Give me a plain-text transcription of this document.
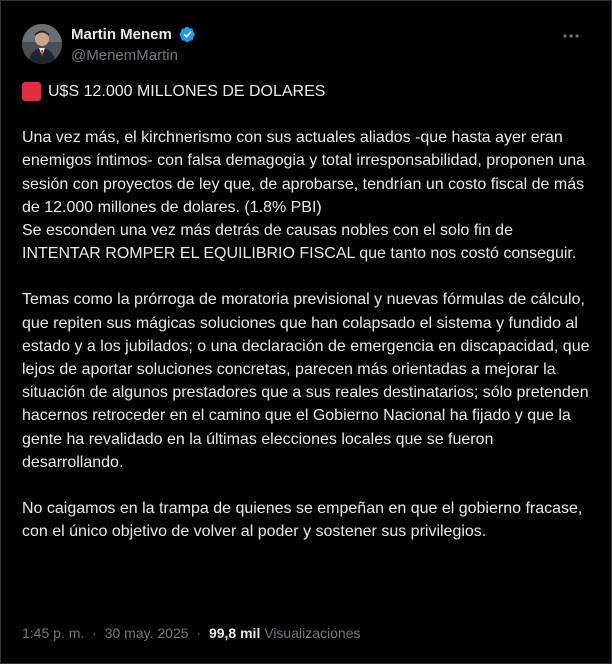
Martin Menem
@MenemMartin
U$S 12.000 MILLONES DE DOLARES

Una vez más, el kirchnerismo con sus actuales aliados -que hasta ayer eran enemigos íntimos- con falsa demagogia y total irresponsabilidad, proponen una sesión con proyectos de ley que, de aprobarse, tendrían un costo fiscal de más de 12.000 millones de dolares. (1.8% PBI)
Se esconden una vez más detrás de causas nobles con el solo fin de INTENTAR ROMPER EL EQUILIBRIO FISCAL que tanto nos costó conseguir.

Temas como la prórroga de moratoria previsional y nuevas fórmulas de cálculo, que repiten sus mágicas soluciones que han colapsado el sistema y fundido al estado y a los jubilados; o una declaración de emergencia en discapacidad, que lejos de aportar soluciones concretas, parecen más orientadas a mejorar la situación de algunos prestadores que a sus reales destinatarios; sólo pretenden hacernos retroceder en el camino que el Gobierno Nacional ha fijado y que la gente ha revalidado en la últimas elecciones locales que se fueron desarrollando.

No caigamos en la trampa de quienes se empeñan en que el gobierno fracase, con el único objetivo de volver al poder y sostener sus privilegios.

1:45 p. m. · 30 may. 2025 · 99,8 mil Visualizaciones
